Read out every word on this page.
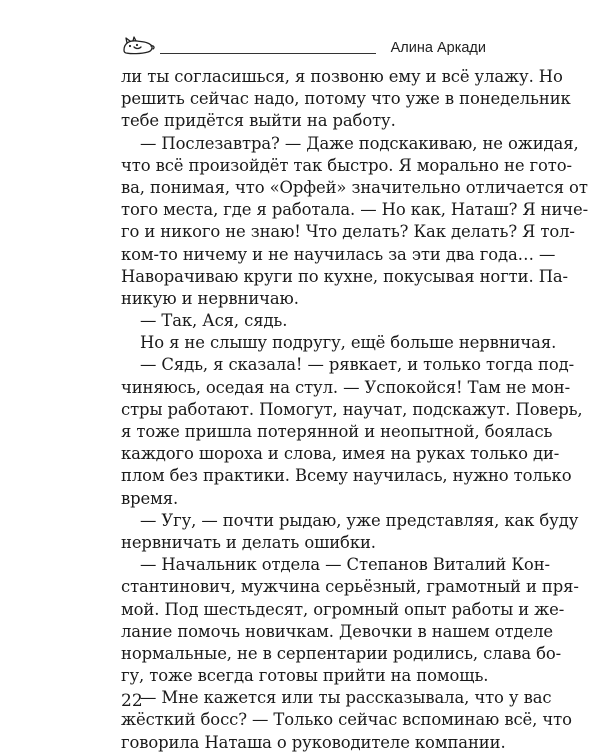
Алина Аркади
ли ты согласишься, я позвоню ему и всё улажу. Но
решить сейчас надо, потому что уже в понедельник
тебе придётся выйти на работу.
— Послезавтра? — Даже подскакиваю, не ожидая,
что всё произойдёт так быстро. Я морально не гото-
ва, понимая, что «Орфей» значительно отличается от
того места, где я работала. — Но как, Наташ? Я ниче-
го и никого не знаю! Что делать? Как делать? Я тол-
ком-то ничему и не научилась за эти два года… —
Наворачиваю круги по кухне, покусывая ногти. Па-
никую и нервничаю.
— Так, Ася, сядь.
Но я не слышу подругу, ещё больше нервничая.
— Сядь, я сказала! — рявкает, и только тогда под-
чиняюсь, оседая на стул. — Успокойся! Там не мон-
стры работают. Помогут, научат, подскажут. Поверь,
я тоже пришла потерянной и неопытной, боялась
каждого шороха и слова, имея на руках только ди-
плом без практики. Всему научилась, нужно только
время.
— Угу, — почти рыдаю, уже представляя, как буду
нервничать и делать ошибки.
— Начальник отдела — Степанов Виталий Кон-
стантинович, мужчина серьёзный, грамотный и пря-
мой. Под шестьдесят, огромный опыт работы и же-
лание помочь новичкам. Девочки в нашем отделе
нормальные, не в серпентарии родились, слава бо-
гу, тоже всегда готовы прийти на помощь.
— Мне кажется или ты рассказывала, что у вас
жёсткий босс? — Только сейчас вспоминаю всё, что
говорила Наташа о руководителе компании.
22
